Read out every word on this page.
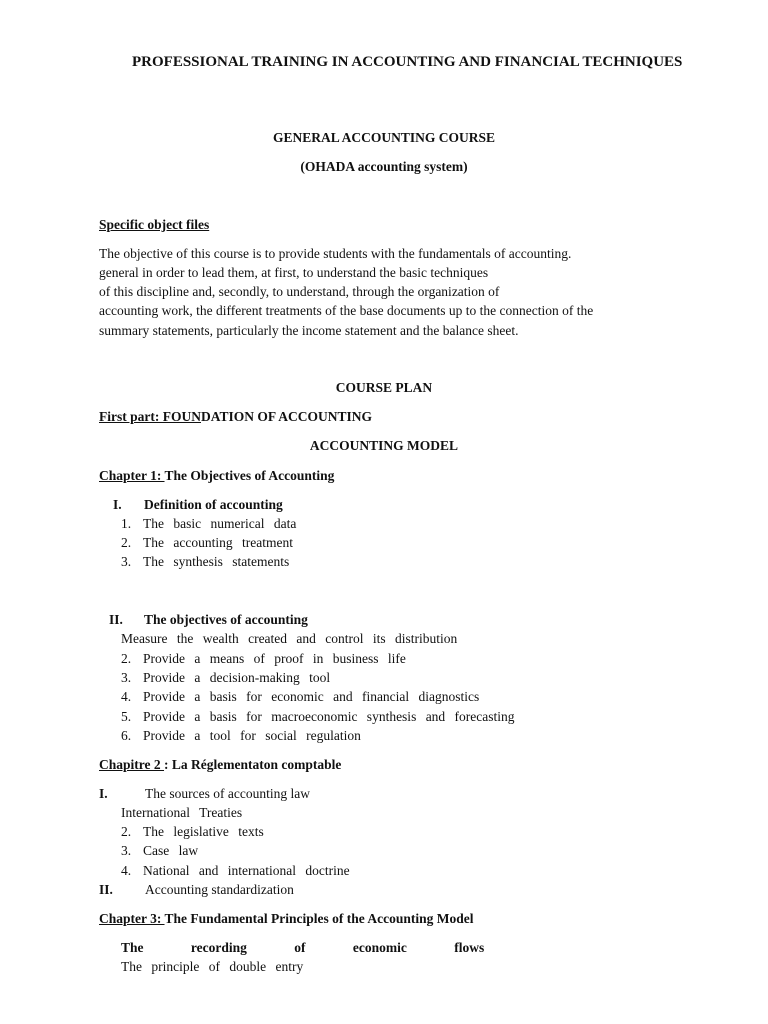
PROFESSIONAL TRAINING IN ACCOUNTING AND FINANCIAL TECHNIQUES
GENERAL ACCOUNTING COURSE
(OHADA accounting system)
Specific object files
The objective of this course is to provide students with the fundamentals of accounting.
general in order to lead them, at first, to understand the basic techniques
of this discipline and, secondly, to understand, through the organization of
accounting work, the different treatments of the base documents up to the connection of the
summary statements, particularly the income statement and the balance sheet.
COURSE PLAN
First part: FOUNDATION OF ACCOUNTING
ACCOUNTING MODEL
Chapter 1: The Objectives of Accounting
I. Definition of accounting
1. The basic numerical data
2. The accounting treatment
3. The synthesis statements
II. The objectives of accounting
Measure the wealth created and control its distribution
2. Provide a means of proof in business life
3. Provide a decision-making tool
4. Provide a basis for economic and financial diagnostics
5. Provide a basis for macroeconomic synthesis and forecasting
6. Provide a tool for social regulation
Chapitre 2 : La Réglementaton comptable
I.	The sources of accounting law
International Treaties
2. The legislative texts
3. Case law
4. National and international doctrine
II. Accounting standardization
Chapter 3: The Fundamental Principles of the Accounting Model
The recording of economic flows
The principle of double entry
